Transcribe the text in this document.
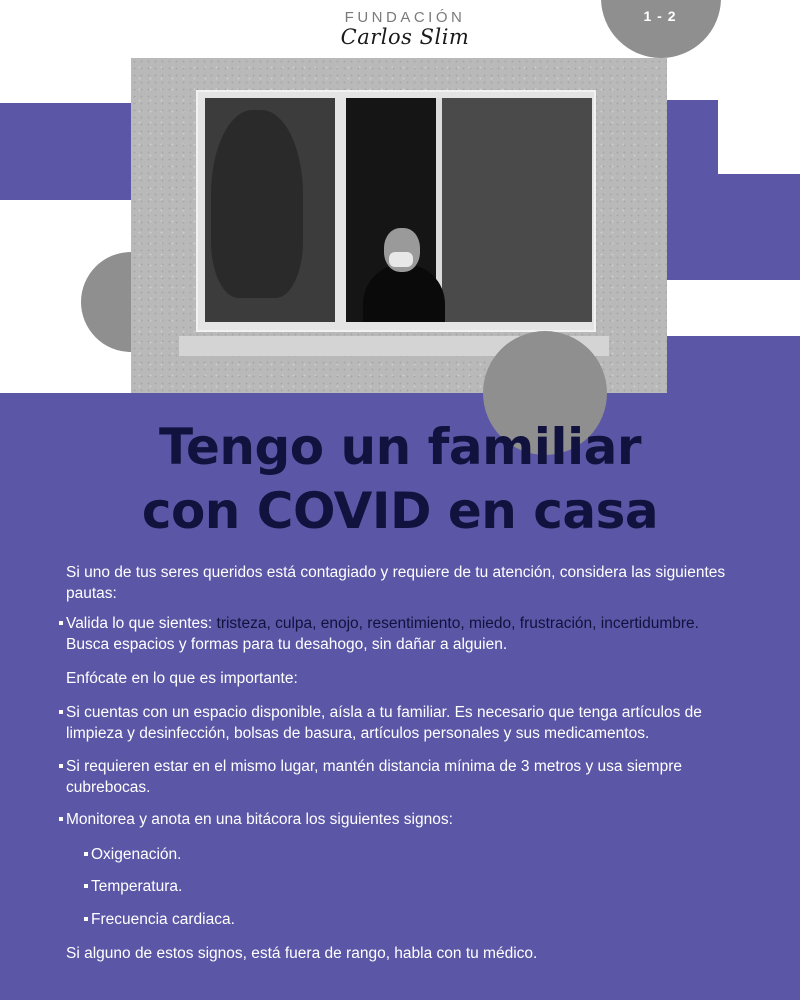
1 - 2
FUNDACIÓN
Carlos Slim
Tengo un familiar
con COVID en casa
Si uno de tus seres queridos está contagiado y requiere de tu atención, considera las siguientes pautas:
Valida lo que sientes: tristeza, culpa, enojo, resentimiento, miedo, frustración, incertidumbre. Busca espacios y formas para tu desahogo, sin dañar a alguien.
Enfócate en lo que es importante:
Si cuentas con un espacio disponible, aísla a tu familiar. Es necesario que tenga artículos de limpieza y desinfección, bolsas de basura, artículos personales y sus medicamentos.
Si requieren estar en el mismo lugar, mantén distancia mínima de 3 metros y usa siempre cubrebocas.
Monitorea y anota en una bitácora los siguientes signos:
Oxigenación.
Temperatura.
Frecuencia cardiaca.
Si alguno de estos signos, está fuera de rango, habla con tu médico.
